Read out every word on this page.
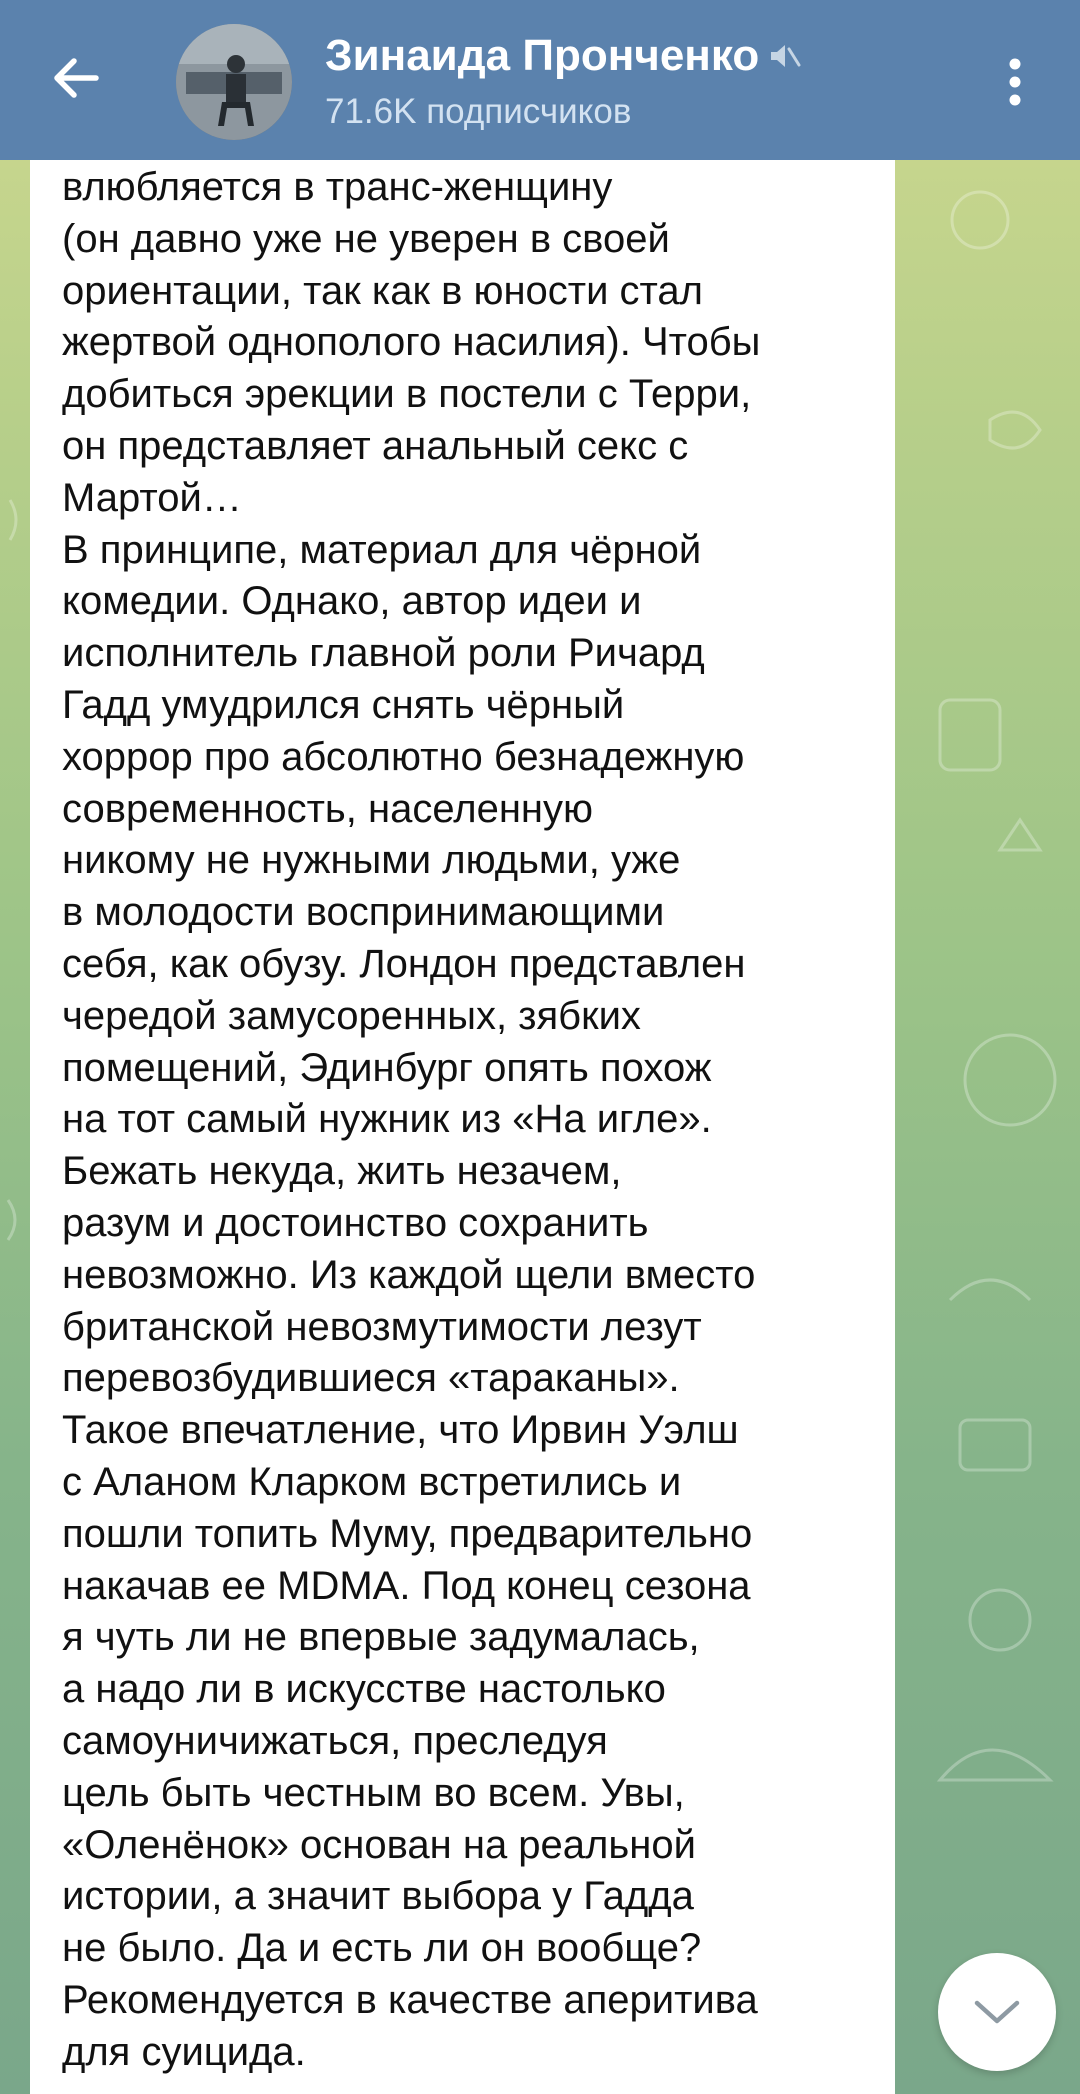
Зинаида Пронченко
71.6K подписчиков
влюбляется в транс-женщину
(он давно уже не уверен в своей
ориентации, так как в юности стал
жертвой однополого насилия). Чтобы
добиться эрекции в постели с Терри,
он представляет анальный секс с
Мартой…
В принципе, материал для чёрной
комедии. Однако, автор идеи и
исполнитель главной роли Ричард
Гадд умудрился снять чёрный
хоррор про абсолютно безнадежную
современность, населенную
никому не нужными людьми, уже
в молодости воспринимающими
себя, как обузу. Лондон представлен
чередой замусоренных, зябких
помещений, Эдинбург опять похож
на тот самый нужник из «На игле».
Бежать некуда, жить незачем,
разум и достоинство сохранить
невозможно. Из каждой щели вместо
британской невозмутимости лезут
перевозбудившиеся «тараканы».
Такое впечатление, что Ирвин Уэлш
с Аланом Кларком встретились и
пошли топить Муму, предварительно
накачав ее MDMA. Под конец сезона
я чуть ли не впервые задумалась,
а надо ли в искусстве настолько
самоуничижаться, преследуя
цель быть честным во всем. Увы,
«Оленёнок» основан на реальной
истории, а значит выбора у Гадда
не было. Да и есть ли он вообще?
Рекомендуется в качестве аперитива
для суицида.
